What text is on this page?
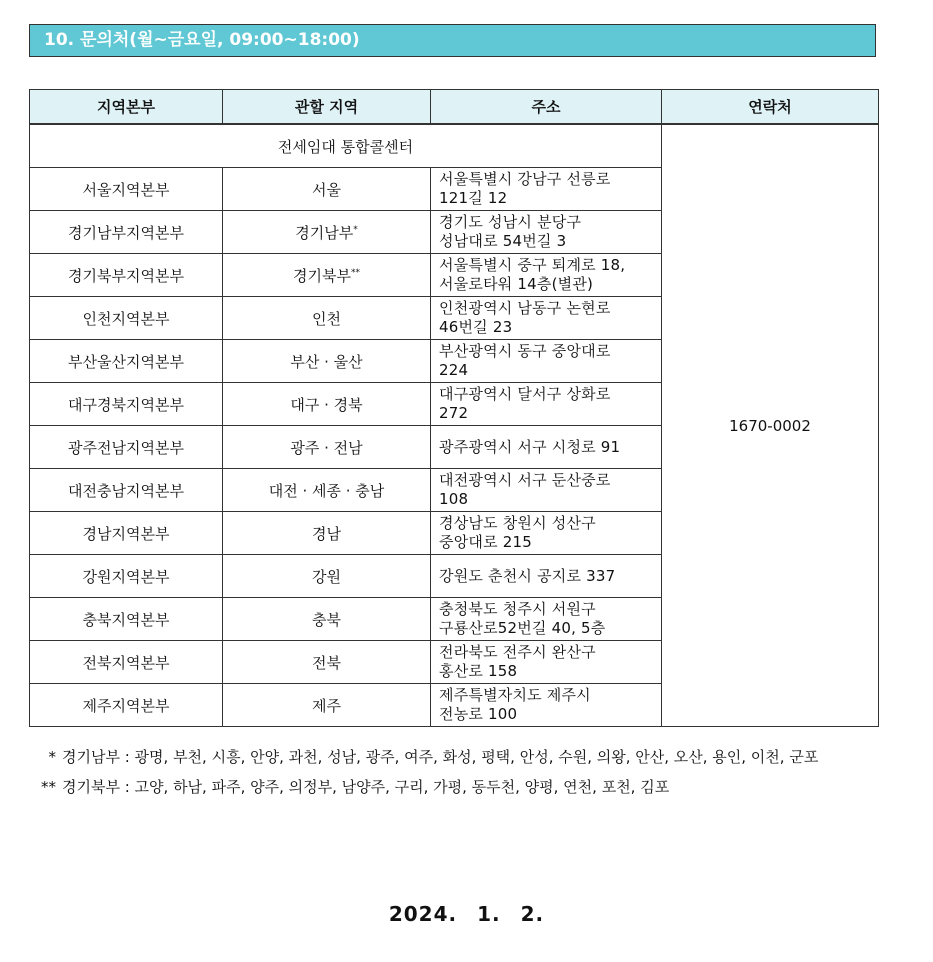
10. 문의처(월~금요일, 09:00~18:00)
지역본부	관할 지역	주소	연락처
전세임대 통합콜센터			1670-0002
서울지역본부	서울	서울특별시 강남구 선릉로
121길 12	

경기남부지역본부	경기남부*	경기도 성남시 분당구
성남대로 54번길 3	

경기북부지역본부	경기북부**	서울특별시 중구 퇴계로 18,
서울로타워 14층(별관)	

인천지역본부	인천	인천광역시 남동구 논현로
46번길 23	

부산울산지역본부	부산 · 울산	부산광역시 동구 중앙대로
224	

대구경북지역본부	대구 · 경북	대구광역시 달서구 상화로
272	

광주전남지역본부	광주 · 전남	광주광역시 서구 시청로 91	

대전충남지역본부	대전 · 세종 · 충남	대전광역시 서구 둔산중로
108	

경남지역본부	경남	경상남도 창원시 성산구
중앙대로 215	

강원지역본부	강원	강원도 춘천시 공지로 337	

충북지역본부	충북	충청북도 청주시 서원구
구룡산로52번길 40, 5층	

전북지역본부	전북	전라북도 전주시 완산구
홍산로 158	

제주지역본부	제주	제주특별자치도 제주시
전농로 100	
* 경기남부 : 광명, 부천, 시흥, 안양, 과천, 성남, 광주, 여주, 화성, 평택, 안성, 수원, 의왕, 안산, 오산, 용인, 이천, 군포
** 경기북부 : 고양, 하남, 파주, 양주, 의정부, 남양주, 구리, 가평, 동두천, 양평, 연천, 포천, 김포
2024. 1. 2.
